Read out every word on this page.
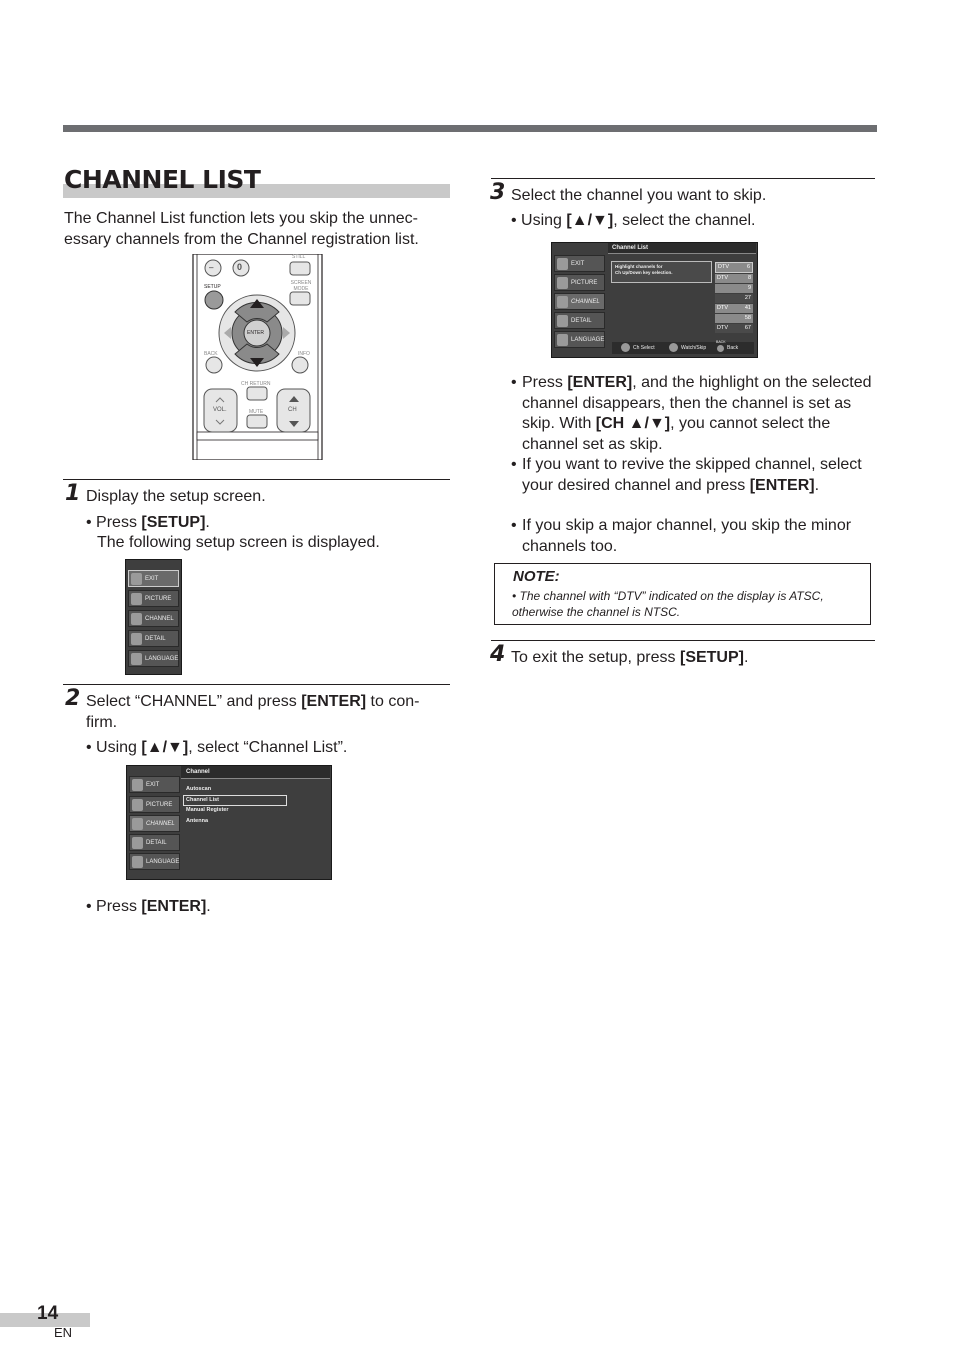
CHANNEL LIST
The Channel List function lets you skip the unnec-essary channels from the Channel registration list.
–	0
STILL
SETUP
SCREEN MODE
ENTER
BACK	INFO
CH RETURN
VOL.	MUTE	CH
1 Display the setup screen.
• Press [SETUP].
The following setup screen is displayed.
EXIT
PICTURE
CHANNEL
DETAIL
LANGUAGE
2 Select “CHANNEL” and press [ENTER] to con-firm.
• Using [▲/▼], select “Channel List”.
EXIT
PICTURE
CHANNEL
DETAIL
LANGUAGE
Channel
Autoscan
Channel List
Manual Register
Antenna
• Press [ENTER].
3 Select the channel you want to skip.
• Using [▲/▼], select the channel.
EXIT
PICTURE
CHANNEL
DETAIL
LANGUAGE
Channel List
Highlight channels for
Ch Up/Down key selection.
DTV	6
DTV	8
9
27
DTV	41
58
DTV	67
Ch Select	Watch/Skip
BACK
Back
• Press [ENTER], and the highlight on the selected channel disappears, then the channel is set as skip. With [CH ▲/▼], you cannot select the channel set as skip.
• If you want to revive the skipped channel, select your desired channel and press [ENTER].
• If you skip a major channel, you skip the minor channels too.
NOTE:
• The channel with “DTV” indicated on the display is ATSC, otherwise the channel is NTSC.
4 To exit the setup, press [SETUP].
14
EN
